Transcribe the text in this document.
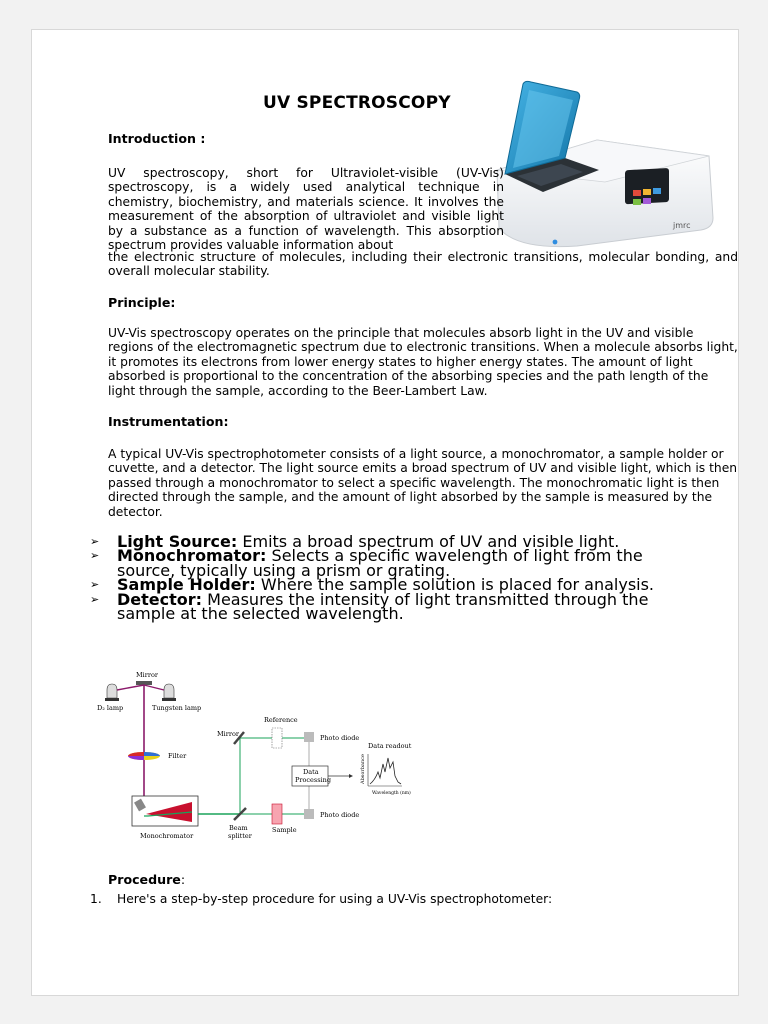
UV SPECTROSCOPY
jmrc
Introduction :
UV spectroscopy, short for Ultraviolet-visible (UV-Vis) spectroscopy, is a widely used analytical technique in chemistry, biochemistry, and materials science. It involves the measurement of the absorption of ultraviolet and visible light by a substance as a function of wavelength. This absorption spectrum provides valuable information about
the electronic structure of molecules, including their electronic transitions, molecular bonding, and overall molecular stability.
Principle:
UV-Vis spectroscopy operates on the principle that molecules absorb light in the UV and visible regions of the electromagnetic spectrum due to electronic transitions. When a molecule absorbs light, it promotes its electrons from lower energy states to higher energy states. The amount of light absorbed is proportional to the concentration of the absorbing species and the path length of the light through the sample, according to the Beer-Lambert Law.
Instrumentation:
A typical UV-Vis spectrophotometer consists of a light source, a monochromator, a sample holder or cuvette, and a detector. The light source emits a broad spectrum of UV and visible light, which is then passed through a monochromator to select a specific wavelength. The monochromatic light is then directed through the sample, and the amount of light absorbed by the sample is measured by the detector.
Procedure:
➢ Light Source: Emits a broad spectrum of UV and visible light.
➢ Monochromator: Selects a specific wavelength of light from the source, typically using a prism or grating.
➢ Sample Holder: Where the sample solution is placed for analysis.
➢ Detector: Measures the intensity of light transmitted through the sample at the selected wavelength.
Mirror
D₂ lamp	Tungsten lamp
Filter
Monochromator
Mirror
Beam
splitter
Reference
Sample
Photo diode
Photo diode
Data
Processing
Data readout
Absorbance
Wavelength (nm)
1. Here's a step-by-step procedure for using a UV-Vis spectrophotometer:
